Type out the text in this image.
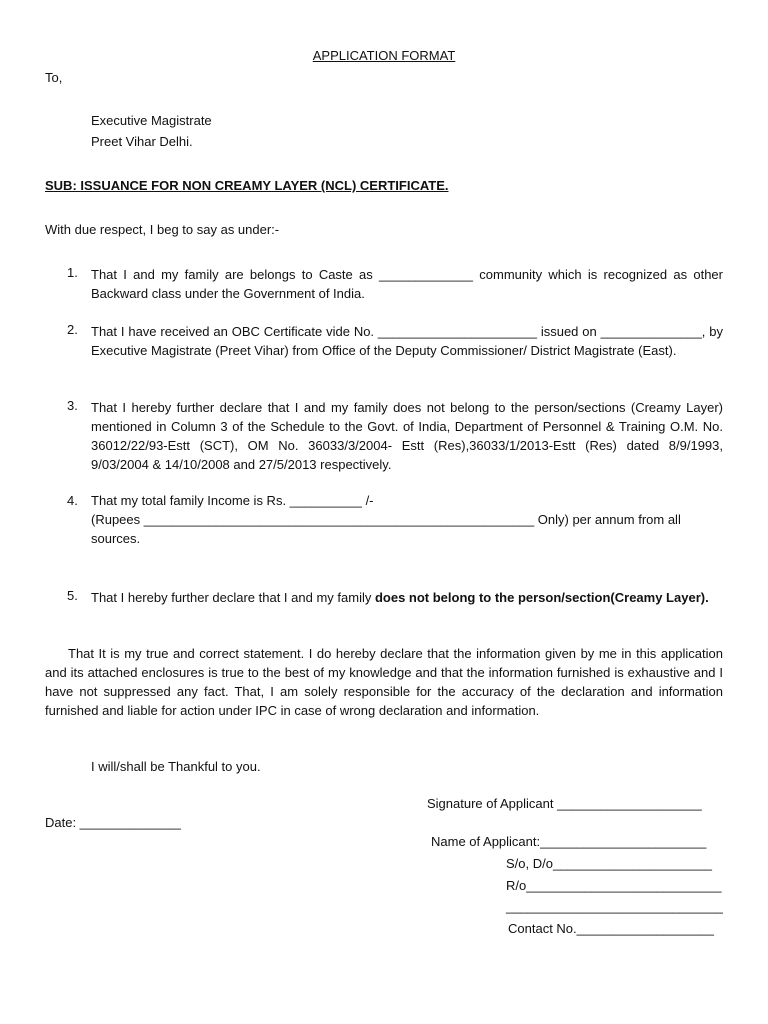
APPLICATION FORMAT
To,
Executive Magistrate
Preet Vihar Delhi.
SUB: ISSUANCE FOR NON CREAMY LAYER (NCL) CERTIFICATE.
With due respect, I beg to say as under:-
1. That I and my family are belongs to Caste as _____________ community which is recognized as other Backward class under the Government of India.
2. That I have received an OBC Certificate vide No. ______________________ issued on ______________, by Executive Magistrate (Preet Vihar) from Office of the Deputy Commissioner/ District Magistrate (East).
3. That I hereby further declare that I and my family does not belong to the person/sections (Creamy Layer) mentioned in Column 3 of the Schedule to the Govt. of India, Department of Personnel & Training O.M. No. 36012/22/93-Estt (SCT), OM No. 36033/3/2004- Estt (Res),36033/1/2013-Estt (Res) dated 8/9/1993, 9/03/2004 & 14/10/2008 and 27/5/2013 respectively.
4. That my total family Income is Rs. __________ /-
(Rupees ______________________________________________________ Only) per annum from all
sources.
5. That I hereby further declare that I and my family does not belong to the person/section(Creamy Layer).
That It is my true and correct statement. I do hereby declare that the information given by me in this application and its attached enclosures is true to the best of my knowledge and that the information furnished is exhaustive and I have not suppressed any fact. That, I am solely responsible for the accuracy of the declaration and information furnished and liable for action under IPC in case of wrong declaration and information.
I will/shall be Thankful to you.
Signature of Applicant ____________________
Date: ______________
Name of Applicant:_______________________
S/o, D/o______________________
R/o___________________________
______________________________
Contact No.___________________
